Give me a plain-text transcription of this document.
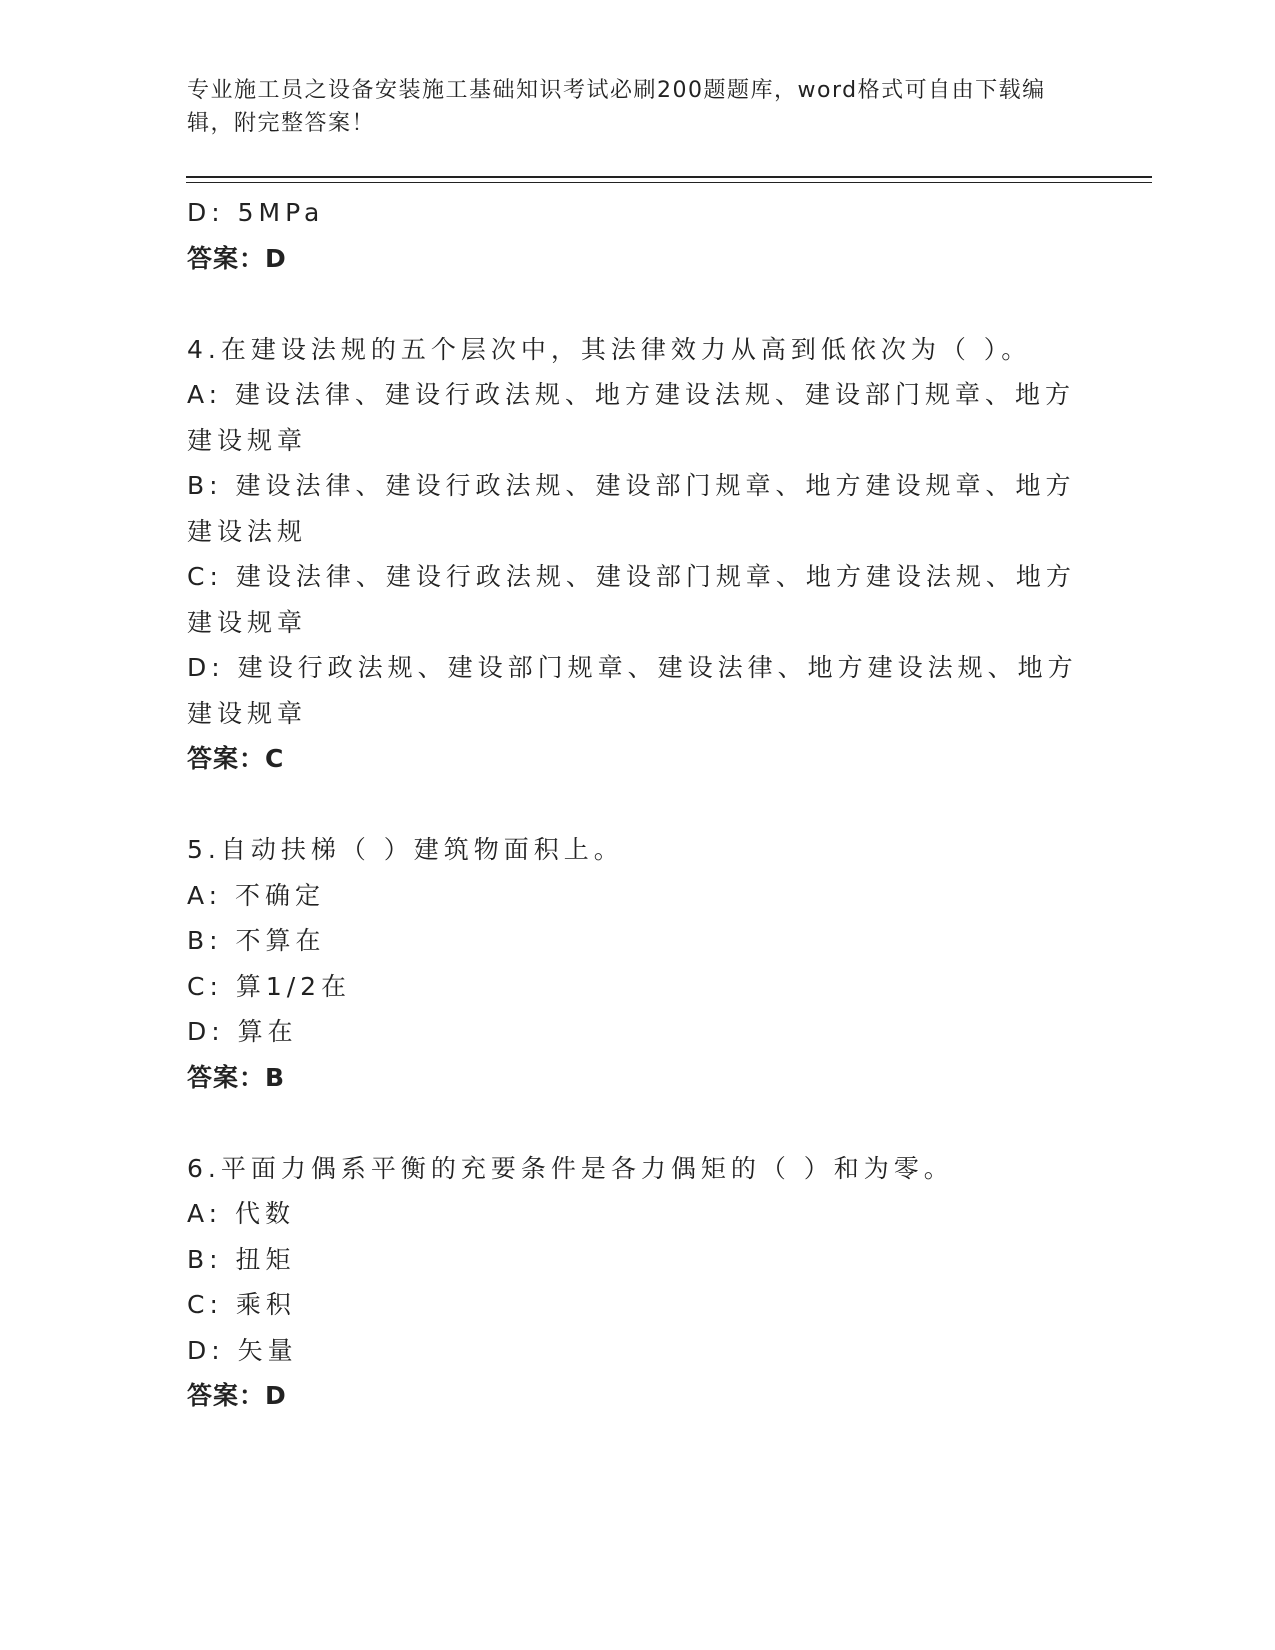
专业施工员之设备安装施工基础知识考试必刷200题题库，word格式可自由下载编辑，附完整答案！
D: 5MPa
答案：D
4.在建设法规的五个层次中，其法律效力从高到低依次为（ ）。
A: 建设法律、建设行政法规、地方建设法规、建设部门规章、地方建设规章
B: 建设法律、建设行政法规、建设部门规章、地方建设规章、地方建设法规
C: 建设法律、建设行政法规、建设部门规章、地方建设法规、地方建设规章
D: 建设行政法规、建设部门规章、建设法律、地方建设法规、地方建设规章
答案：C
5.自动扶梯（ ）建筑物面积上。
A: 不确定
B: 不算在
C: 算1/2在
D: 算在
答案：B
6.平面力偶系平衡的充要条件是各力偶矩的（ ）和为零。
A: 代数
B: 扭矩
C: 乘积
D: 矢量
答案：D
